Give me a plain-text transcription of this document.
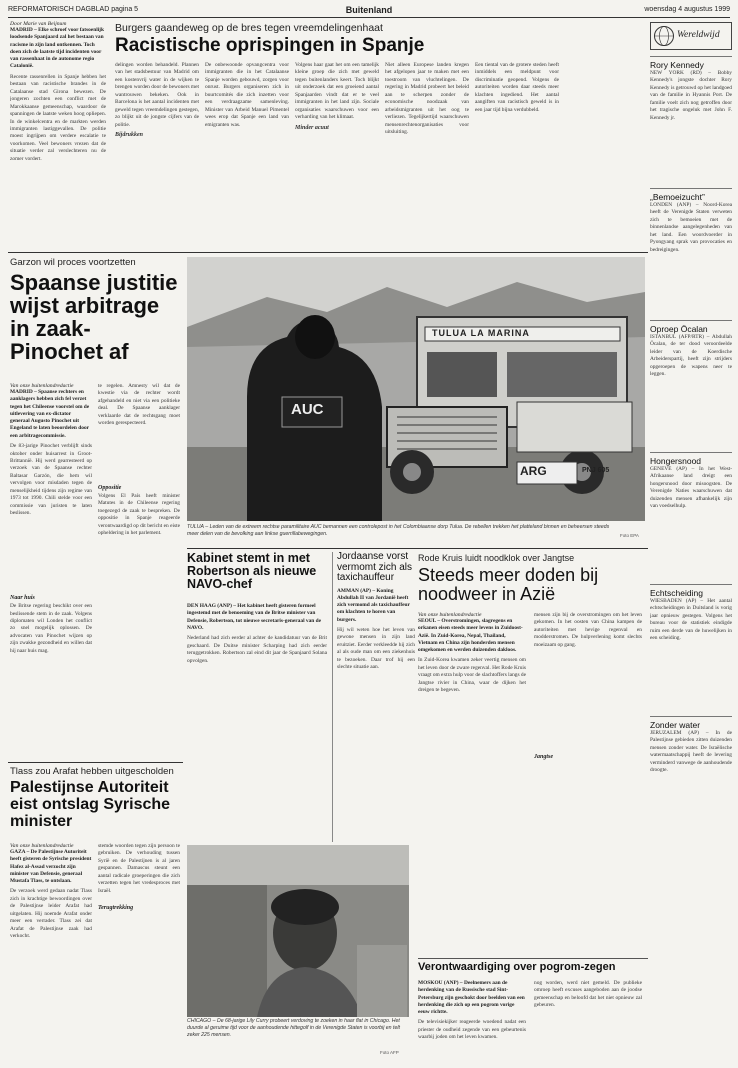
REFORMATORISCH DAGBLAD pagina 5	Buitenland	woensdag 4 augustus 1999
Door Marie van Beijnum
MADRID – Elke schroef voor fatsoenlijk loodsende Spanjaard zal het bestaan van racisme in zijn land ontkennen. Toch doen zich de laatste tijd incidenten voor van rassenhaat in de autonome regio Catalonië.
Recente rassenrellen in Spanje hebben het bestaan van racistische brandes in de Catalaanse stad Girona bewezen. De jongeren zochten een conflict met de Marokkaanse gemeenschap, waardoor de spanningen de laatste weken hoog opliepen. In de winkelcentra en de markten werden immigranten lastiggevallen. De politie moest ingrijpen om verdere escalatie te voorkomen. Veel bewoners vrezen dat de situatie verder zal verslechteren nu de zomer vordert.
Burgers gaandeweg op de bres tegen vreemdelingenhaat
Racistische oprispingen in Spanje
delingen worden behandeld. Plannen van het stadsbestuur van Madrid om een kostenvrij water in de wijken te brengen worden door de bewoners met wantrouwen bekeken. Ook in Barcelona is het aantal incidenten met geweld tegen vreemdelingen gestegen, zo blijkt uit de jongste cijfers van de politie.
Bijdrukken
De onbewoonde opvangcentra voor immigranten die in het Catalaanse Spanje worden gebouwd, zorgen voor onrust. Burgers organiseren zich in buurtcomités die zich inzetten voor een verdraagzame samenleving. Minister van Arbeid Manuel Pimentel wees erop dat Spanje een land van emigranten was.
Volgens haar gaat het om een tamelijk kleine groep die zich met geweld tegen buitenlanders keert. Toch blijkt uit onderzoek dat een groeiend aantal Spanjaarden vindt dat er te veel immigranten in het land zijn. Sociale organisaties waarschuwen voor een verharding van het klimaat.
Minder acuut
Niet alleen Europese landen kregen het afgelopen jaar te maken met een toestroom van vluchtelingen. De regering in Madrid probeert het beleid aan te scherpen zonder de economische noodzaak van arbeidsmigranten uit het oog te verliezen. Tegelijkertijd waarschuwen mensenrechtenorganisaties voor uitsluiting.
Een tiental van de grotere steden heeft inmiddels een meldpunt voor discriminatie geopend. Volgens de autoriteiten worden daar steeds meer klachten ingediend. Het aantal aangiften van racistisch geweld is in een jaar tijd bijna verdubbeld.
Wereldwijd
Rory Kennedy
NEW YORK (RD) – Bobby Kennedy's jongste dochter Rory Kennedy is getrouwd op het landgoed van de familie in Hyannis Port. De familie voelt zich nog getroffen door het tragische ongeluk met John F. Kennedy jr.
„Bemoeizucht”
LONDEN (ANP) – Noord-Korea heeft de Verenigde Staten verweten zich te bemoeien met de binnenlandse aangelegenheden van het land. Een woordvoerder in Pyongyang sprak van provocaties en bedreigingen.
Oproep Öcalan
ISTANBUL (AFP/RTR) – Abdullah Öcalan, de ter dood veroordeelde leider van de Koerdische Arbeiderspartij, heeft zijn strijders opgeroepen de wapens neer te leggen.
Hongersnood
GENEVE (AP) – In het West-Afrikaanse land dreigt een hongersnood door misoogsten. De Verenigde Naties waarschuwen dat duizenden mensen afhankelijk zijn van voedselhulp.
Echtscheiding
WIESBADEN (AP) – Het aantal echtscheidingen in Duitsland is vorig jaar opnieuw gestegen. Volgens het bureau voor de statistiek eindigde ruim een derde van de huwelijken in een scheiding.
Zonder water
JERUZALEM (AP) – In de Palestijnse gebieden zitten duizenden mensen zonder water. De Israëlische watermaatschappij heeft de levering verminderd vanwege de aanhoudende droogte.
Garzon wil proces voortzetten
Spaanse justitie wijst arbitrage in zaak-Pinochet af
Van onze buitenlandredactie
MADRID – Spaanse rechters en aanklagers hebben zich fel verzet tegen het Chileense voorstel om de uitlevering van ex-dictator generaal Augusto Pinochet uit Engeland te laten beoordelen door een arbitragecommissie.
De 83-jarige Pinochet verblijft sinds oktober onder huisarrest in Groot-Brittannië. Hij werd gearresteerd op verzoek van de Spaanse rechter Baltasar Garzón, die hem wil vervolgen voor misdaden tegen de menselijkheid tijdens zijn regime van 1973 tot 1990. Chili stelde voor een commissie van juristen te laten beslissen.
Naar huis
De Britse regering beschikt over een beslissende stem in de zaak. Volgens diplomaten wil Londen het conflict zo snel mogelijk oplossen. De advocaten van Pinochet wijzen op zijn zwakke gezondheid en willen dat hij naar huis mag.
te regelen. Amnesty wil dat de kwestie via de rechter wordt afgehandeld en niet via een politieke deal. De Spaanse aanklager verklaarde dat de rechtsgang moet worden gerespecteerd.
Oppositie
Volgens El País heeft minister Matutes in de Chileense regering toegezegd de zaak te bespreken. De oppositie in Spanje reageerde verontwaardigd op dit bericht en eiste opheldering in het parlement.
TULUA LA MARINA
AUC
ARG	PNJ 605
TULUA – Leden van de extreem rechtse paramilitaire AUC bemannen een controlepost in het Colombiaanse dorp Tulua. De rebellen trekken het platteland binnen en beheersen steeds meer delen van de bevolking aan linkse guerrillabewegingen.	Foto EPA
Kabinet stemt in met Robertson als nieuwe NAVO-chef
DEN HAAG (ANP) – Het kabinet heeft gisteren formeel ingestemd met de benoeming van de Britse minister van Defensie, Robertson, tot nieuwe secretaris-generaal van de NAVO.
Nederland had zich eerder al achter de kandidatuur van de Brit geschaard. De Duitse minister Scharping had zich eerder teruggetrokken. Robertson zal eind dit jaar de Spanjaard Solana opvolgen.
Jordaanse vorst vermomt zich als taxichauffeur
AMMAN (AP) – Koning Abdullah II van Jordanië heeft zich vermomd als taxichauffeur om klachten te horen van burgers.
Hij wil weten hoe het leven van gewone mensen in zijn land eruitziet. Eerder verkleedde hij zich al als oude man om een ziekenhuis te bezoeken. Daar trof hij een slechte situatie aan.
Rode Kruis luidt noodklok over Jangtse
Steeds meer doden bij noodweer in Azië
Van onze buitenlandredactie
SEOUL – Overstromingen, slagregens en orkanen eisen steeds meer levens in Zuidoost-Azië. In Zuid-Korea, Nepal, Thailand, Vietnam en China zijn honderden mensen omgekomen en werden duizenden dakloos.
In Zuid-Korea kwamen zeker veertig mensen om het leven door de zware regenval. Het Rode Kruis vraagt om extra hulp voor de slachtoffers langs de Jangtse rivier in China, waar de dijken het dreigen te begeven.
mensen zijn bij de overstromingen om het leven gekomen. In het oosten van China kampen de autoriteiten met hevige regenval en modderstromen. De hulpverlening komt slechts moeizaam op gang.
Jangtse
Tlass zou Arafat hebben uitgescholden
Palestijnse Autoriteit eist ontslag Syrische minister
Van onze buitenlandredactie
GAZA – De Palestijnse Autoriteit heeft gisteren de Syrische president Hafez al-Assad verzocht zijn minister van Defensie, generaal Mustafa Tlass, te ontslaan.
De verzoek werd gedaan nadat Tlass zich in krachtige bewoordingen over de Palestijnse leider Arafat had uitgelaten. Hij noemde Arafat onder meer een verrader. Tlass zei dat Arafat de Palestijnse zaak had verkocht.
stemde woorden tegen zijn persoon te gebruiken. De verhouding tussen Syrië en de Palestijnen is al jaren gespannen. Damascus steunt een aantal radicale groeperingen die zich verzetten tegen het vredesproces met Israël.
Terugtrekking
CHICAGO – De 68-jarige Lily Curry probeert verdoving te zoeken in haar flat in Chicago. Het duurde al geruime tijd voor de aanhoudende hittegolf in de Verenigde Staten is voorbij en telt zeker 225 mensen.
Foto AFP
Verontwaardiging over pogrom-zegen
MOSKOU (ANP) – Deelnemers aan de herdenking van de Russische stad Sint-Petersburg zijn geschokt door beelden van een herdenking die zich op een pogrom vorige eeuw richtte.
De televisiekijker reageerde woedend nadat een priester de oudheid zegende van een gebeurtenis waarbij joden om het leven kwamen.
nog worden, werd niet gemeld. De publieke omroep heeft excuses aangeboden aan de joodse gemeenschap en beloofd dat het niet opnieuw zal gebeuren.
